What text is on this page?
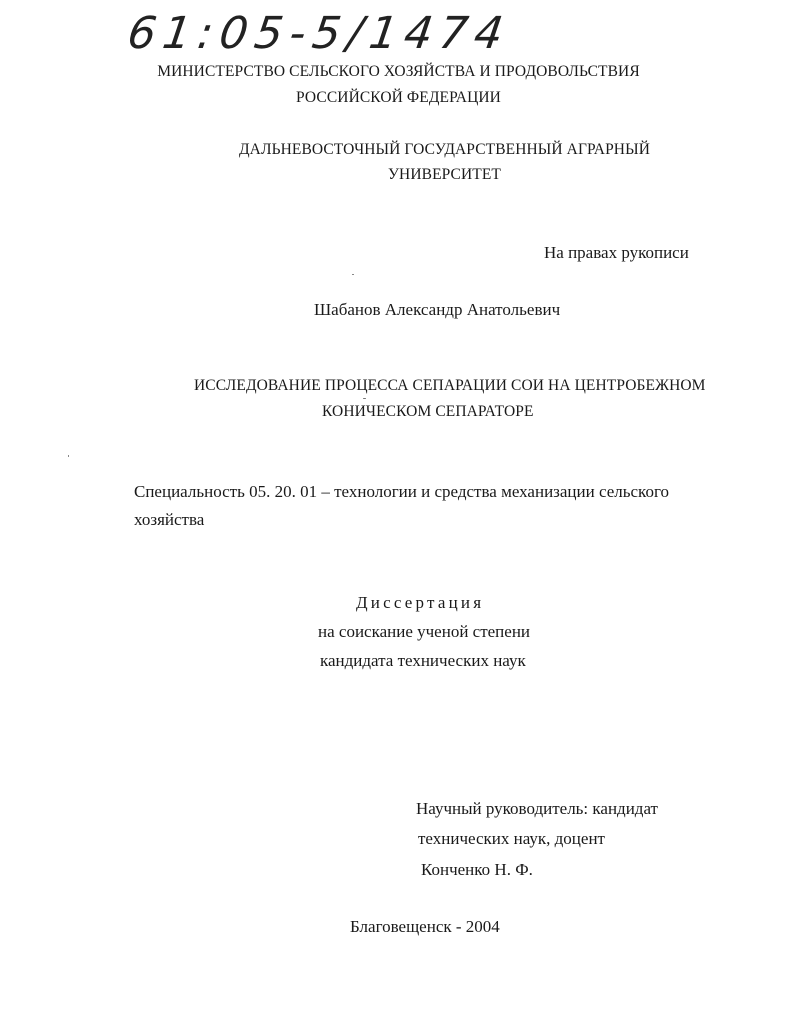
61:05-5/1474
МИНИСТЕРСТВО СЕЛЬСКОГО ХОЗЯЙСТВА И ПРОДОВОЛЬСТВИЯ
РОССИЙСКОЙ ФЕДЕРАЦИИ
ДАЛЬНЕВОСТОЧНЫЙ ГОСУДАРСТВЕННЫЙ АГРАРНЫЙ
УНИВЕРСИТЕТ
На правах рукописи
Шабанов Александр Анатольевич
ИССЛЕДОВАНИЕ ПРОЦЕССА СЕПАРАЦИИ СОИ НА ЦЕНТРОБЕЖНОМ
КОНИЧЕСКОМ СЕПАРАТОРЕ
Специальность 05. 20. 01 – технологии и средства механизации сельского
хозяйства
Диссертация
на соискание ученой степени
кандидата технических наук
Научный руководитель: кандидат
технических наук, доцент
Конченко Н. Ф.
Благовещенск - 2004
